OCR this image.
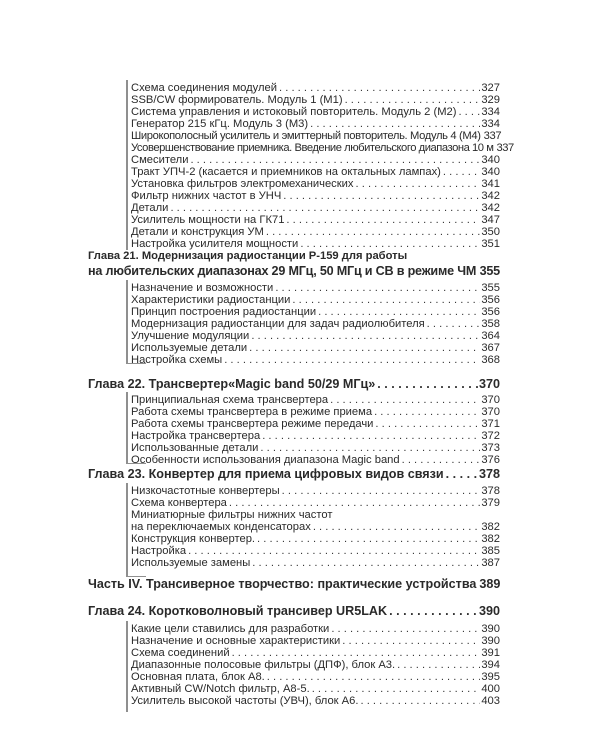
Схема соединения модулей . . .	327
SSB/CW формирователь. Модуль 1 (М1) . . .	329
Система управления и истоковый повторитель. Модуль 2 (М2) . . . 334
Генератор 215 кГц. Модуль 3 (М3) . . .	334
Широкополосный усилитель и эмиттерный повторитель. Модуль 4 (М4) 337
Усовершенствование приемника. Введение любительского диапазона 10 м 337
Смесители . . .	340
Тракт УПЧ-2 (касается и приемников на октальных лампах) . . .	340
Установка фильтров электромеханических . . .	341
Фильтр нижних частот в УНЧ . . .	342
Детали . . .	342
Усилитель мощности на ГК71 . . .	347
Детали и конструкция УМ . . .	350
Настройка усилителя мощности . . .	351
Глава 21. Модернизация радиостанции Р-159 для работы
на любительских диапазонах 29 МГц, 50 МГц и СВ в режиме ЧМ . . . 355
Назначение и возможности . . .	355
Характеристики радиостанции . . .	356
Принцип построения радиостанции . . .	356
Модернизация радиостанции для задач радиолюбителя . . .	358
Улучшение модуляции . . .	364
Используемые детали . . .	367
Настройка схемы . . .	368
Глава 22. Трансвертер«Magic band 50/29 МГц» . . .	370
Принципиальная схема трансвертера . . .	370
Работа схемы трансвертера в режиме приема . . .	370
Работа схемы трансвертера режиме передачи . . .	371
Настройка трансвертера . . .	372
Использованные детали . . .	373
Особенности использования диапазона Magic band . . .	376
Глава 23. Конвертер для приема цифровых видов связи . . .	378
Низкочастотные конвертеры . . .	378
Схема конвертера . . .	379
Миниатюрные фильтры нижних частот
на переключаемых конденсаторах . . .	382
Конструкция конвертер. . . .	382
Настройка . . .	385
Используемые замены . . .	387
Часть IV. Трансиверное творчество: практические устройства 389
Глава 24. Коротковолновый трансивер UR5LAK . . .	390
Какие цели ставились для разработки . . .	390
Назначение и основные характеристики . . .	390
Схема соединений . . .	391
Диапазонные полосовые фильтры (ДПФ), блок А3. . . .	394
Основная плата, блок А8. . . .	395
Активный CW/Notch фильтр, А8-5. . . .	400
Усилитель высокой частоты (УВЧ), блок А6. . . .	403
